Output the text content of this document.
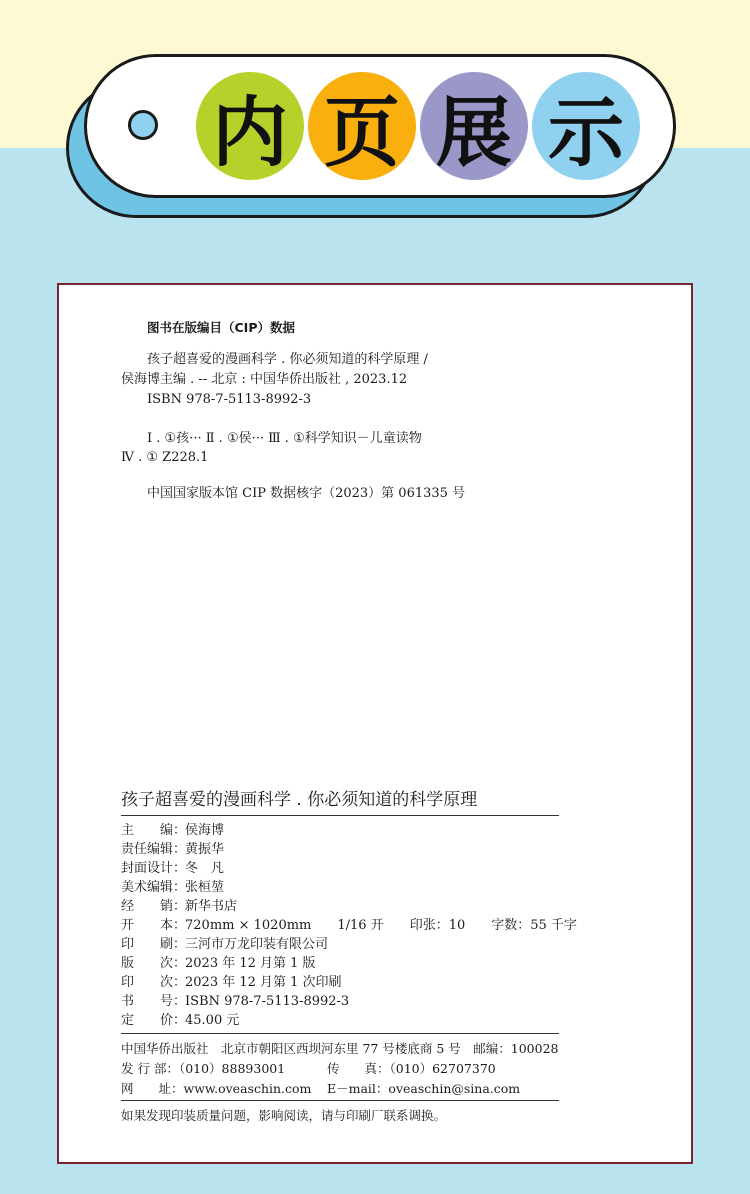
内 页 展 示
图书在版编目（CIP）数据
孩子超喜爱的漫画科学 . 你必须知道的科学原理 /
侯海博主编 . -- 北京 : 中国华侨出版社 , 2023.12
ISBN 978-7-5113-8992-3
Ⅰ . ①孩··· Ⅱ . ①侯··· Ⅲ . ①科学知识－儿童读物
Ⅳ . ① Z228.1
中国国家版本馆 CIP 数据核字（2023）第 061335 号
孩子超喜爱的漫画科学 . 你必须知道的科学原理
主　　编：侯海博
责任编辑：黄振华
封面设计：冬　凡
美术编辑：张桓堃
经　　销：新华书店
开　　本：720mm × 1020mm　　1/16 开　　印张：10　　字数：55 千字
印　　刷：三河市万龙印装有限公司
版　　次：2023 年 12 月第 1 版
印　　次：2023 年 12 月第 1 次印刷
书　　号：ISBN 978-7-5113-8992-3
定　　价：45.00 元
中国华侨出版社　北京市朝阳区西坝河东里 77 号楼底商 5 号　邮编：100028
发 行 部：（010）88893001	传　　真：（010）62707370
网　　址：www.oveaschin.com E－mail：oveaschin@sina.com
如果发现印装质量问题，影响阅读，请与印刷厂联系调换。
